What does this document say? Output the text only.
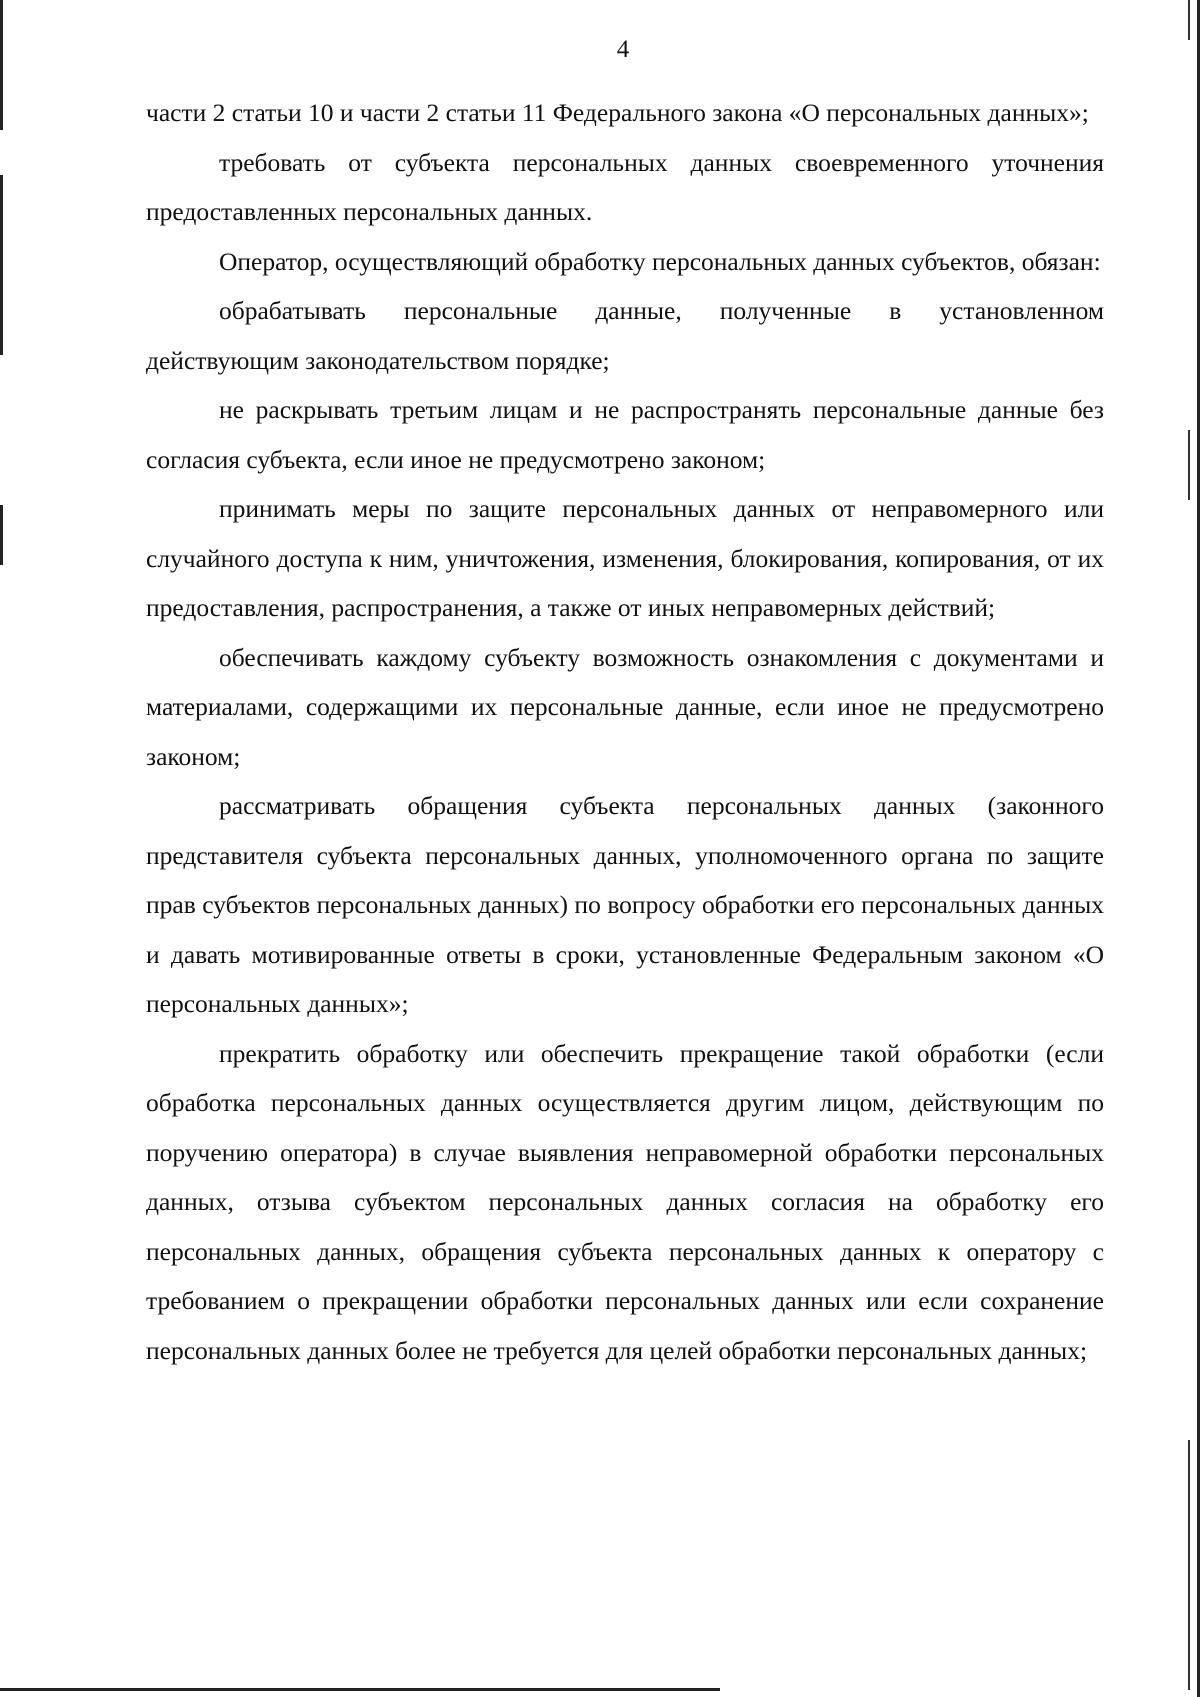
4

части 2 статьи 10 и части 2 статьи 11 Федерального закона «О персональных данных»;

требовать от субъекта персональных данных своевременного уточнения предоставленных персональных данных.

Оператор, осуществляющий обработку персональных данных субъектов, обязан:

обрабатывать персональные данные, полученные в установленном действующим законодательством порядке;

не раскрывать третьим лицам и не распространять персональные данные без согласия субъекта, если иное не предусмотрено законом;

принимать меры по защите персональных данных от неправомерного или случайного доступа к ним, уничтожения, изменения, блокирования, копирования, от их предоставления, распространения, а также от иных неправомерных действий;

обеспечивать каждому субъекту возможность ознакомления с документами и материалами, содержащими их персональные данные, если иное не предусмотрено законом;

рассматривать обращения субъекта персональных данных (законного представителя субъекта персональных данных, уполномоченного органа по защите прав субъектов персональных данных) по вопросу обработки его персональных данных и давать мотивированные ответы в сроки, установленные Федеральным законом «О персональных данных»;

прекратить обработку или обеспечить прекращение такой обработки (если обработка персональных данных осуществляется другим лицом, действующим по поручению оператора) в случае выявления неправомерной обработки персональных данных, отзыва субъектом персональных данных согласия на обработку его персональных данных, обращения субъекта персональных данных к оператору с требованием о прекращении обработки персональных данных или если сохранение персональных данных более не требуется для целей обработки персональных данных;
